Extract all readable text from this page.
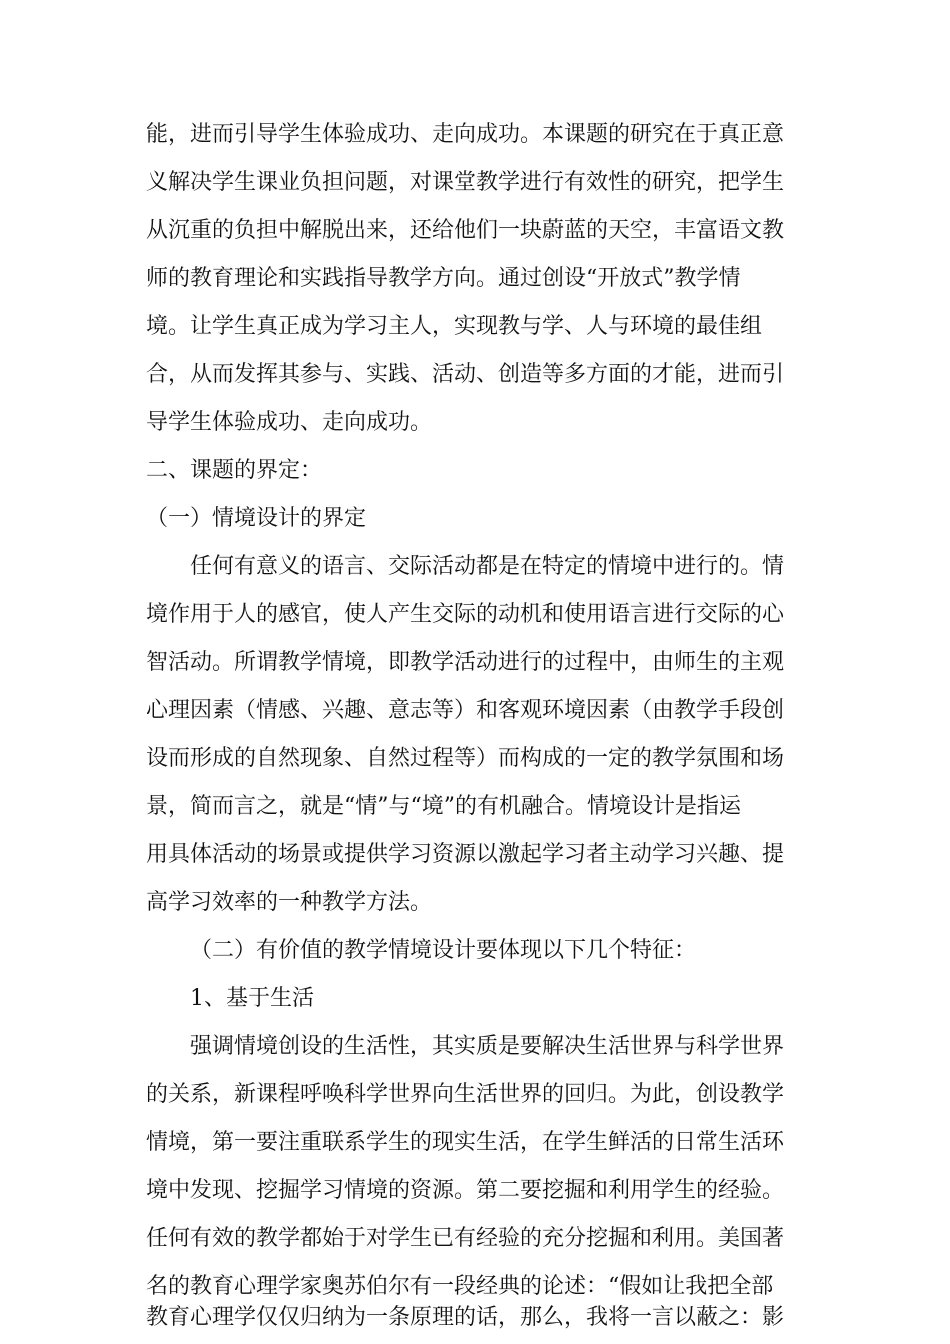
能，进而引导学生体验成功、走向成功。本课题的研究在于真正意
义解决学生课业负担问题，对课堂教学进行有效性的研究，把学生
从沉重的负担中解脱出来，还给他们一块蔚蓝的天空，丰富语文教
师的教育理论和实践指导教学方向。通过创设“开放式”教学情
境。让学生真正成为学习主人，实现教与学、人与环境的最佳组
合，从而发挥其参与、实践、活动、创造等多方面的才能，进而引
导学生体验成功、走向成功。
二、课题的界定：
（一）情境设计的界定
任何有意义的语言、交际活动都是在特定的情境中进行的。情
境作用于人的感官，使人产生交际的动机和使用语言进行交际的心
智活动。所谓教学情境，即教学活动进行的过程中，由师生的主观
心理因素（情感、兴趣、意志等）和客观环境因素（由教学手段创
设而形成的自然现象、自然过程等）而构成的一定的教学氛围和场
景，简而言之，就是“情”与“境”的有机融合。情境设计是指运
用具体活动的场景或提供学习资源以激起学习者主动学习兴趣、提
高学习效率的一种教学方法。
（二）有价值的教学情境设计要体现以下几个特征：
1、基于生活
强调情境创设的生活性，其实质是要解决生活世界与科学世界
的关系，新课程呼唤科学世界向生活世界的回归。为此，创设教学
情境，第一要注重联系学生的现实生活，在学生鲜活的日常生活环
境中发现、挖掘学习情境的资源。第二要挖掘和利用学生的经验。
任何有效的教学都始于对学生已有经验的充分挖掘和利用。美国著
名的教育心理学家奥苏伯尔有一段经典的论述：“假如让我把全部
教育心理学仅仅归纳为一条原理的话，那么，我将一言以蔽之：影
